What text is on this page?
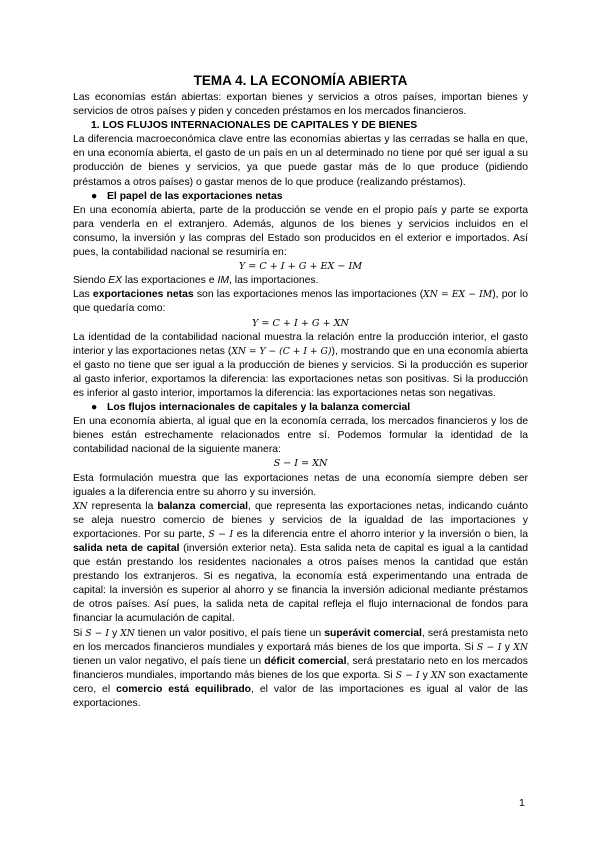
TEMA 4. LA ECONOMÍA ABIERTA

Las economías están abiertas: exportan bienes y servicios a otros países, importan bienes y servicios de otros países y piden y conceden préstamos en los mercados financieros.

1. LOS FLUJOS INTERNACIONALES DE CAPITALES Y DE BIENES

La diferencia macroeconómica clave entre las economías abiertas y las cerradas se halla en que, en una economía abierta, el gasto de un país en un al determinado no tiene por qué ser igual a su producción de bienes y servicios, ya que puede gastar más de lo que produce (pidiendo préstamos a otros países) o gastar menos de lo que produce (realizando préstamos).

● El papel de las exportaciones netas

En una economía abierta, parte de la producción se vende en el propio país y parte se exporta para venderla en el extranjero. Además, algunos de los bienes y servicios incluidos en el consumo, la inversión y las compras del Estado son producidos en el exterior e importados. Así pues, la contabilidad nacional se resumiría en:

Y = C + I + G + EX − IM

Siendo EX las exportaciones e IM, las importaciones.

Las exportaciones netas son las exportaciones menos las importaciones (XN = EX − IM), por lo que quedaría como:

Y = C + I + G + XN

La identidad de la contabilidad nacional muestra la relación entre la producción interior, el gasto interior y las exportaciones netas (XN = Y − (C + I + G)), mostrando que en una economía abierta el gasto no tiene que ser igual a la producción de bienes y servicios. Si la producción es superior al gasto inferior, exportamos la diferencia: las exportaciones netas son positivas. Si la producción es inferior al gasto interior, importamos la diferencia: las exportaciones netas son negativas.

● Los flujos internacionales de capitales y la balanza comercial

En una economía abierta, al igual que en la economía cerrada, los mercados financieros y los de bienes están estrechamente relacionados entre sí. Podemos formular la identidad de la contabilidad nacional de la siguiente manera:

S − I = XN

Esta formulación muestra que las exportaciones netas de una economía siempre deben ser iguales a la diferencia entre su ahorro y su inversión.

XN representa la balanza comercial, que representa las exportaciones netas, indicando cuánto se aleja nuestro comercio de bienes y servicios de la igualdad de las importaciones y exportaciones. Por su parte, S − I es la diferencia entre el ahorro interior y la inversión o bien, la salida neta de capital (inversión exterior neta). Esta salida neta de capital es igual a la cantidad que están prestando los residentes nacionales a otros países menos la cantidad que están prestando los extranjeros. Si es negativa, la economía está experimentando una entrada de capital: la inversión es superior al ahorro y se financia la inversión adicional mediante préstamos de otros países. Así pues, la salida neta de capital refleja el flujo internacional de fondos para financiar la acumulación de capital.

Si S − I y XN tienen un valor positivo, el país tiene un superávit comercial, será prestamista neto en los mercados financieros mundiales y exportará más bienes de los que importa. Si S − I y XN tienen un valor negativo, el país tiene un déficit comercial, será prestatario neto en los mercados financieros mundiales, importando más bienes de los que exporta. Si S − I y XN son exactamente cero, el comercio está equilibrado, el valor de las importaciones es igual al valor de las exportaciones.

1
